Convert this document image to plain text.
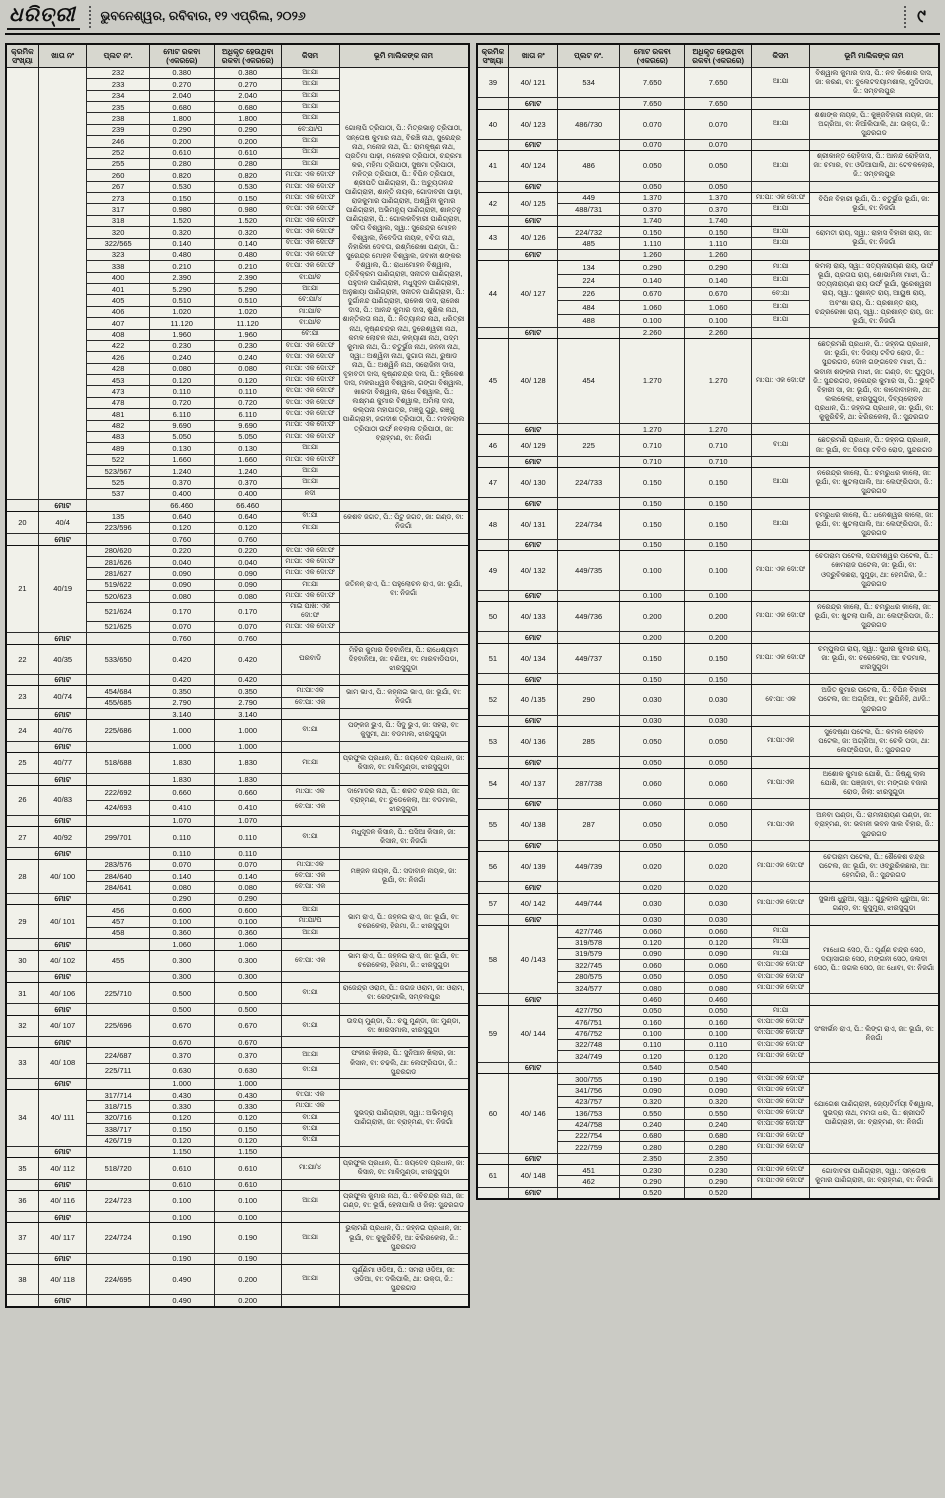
ଧରିତ୍ରୀ	ଭୁବନେଶ୍ୱର, ରବିବାର, ୧୨ ଏପ୍ରିଲ, ୨୦୨୬	୯
କ୍ରମିକ ସଂଖ୍ୟା	ଖାତା ନଂ	ପ୍ଲଟ ନଂ.	ମୋଟ ରକବା (ଏକରରେ)	ଅଧିକୃତ ହେଉଥିବା ରକବା (ଏକରରେ)	କିସମ	ଭୂମି ମାଲିକଙ୍କ ନାମ
		232	0.380	0.380	ଆ:ଯା	ଗୋଲାପି ତ୍ରିପାଠୀ, ପି.: ମିତ୍ରଭାନୁ ତ୍ରିପାଠୀ, ସନ୍ତୋଷ କୁମାର ନାଥ, ବିରଞ୍ଚି ନାଥ, ସୁରେନ୍ଦ୍ର ନାଥ, ମନୋଜ ନାଥ, ପି.: ରାମକୃଷ୍ଣ ନାଥ, ପ୍ରତିମା ପାଢ଼ୀ, ମନୋହର ତ୍ରିପାଠୀ, ଚନ୍ଦ୍ରମା କର, ମହିମା ତ୍ରିପାଠୀ, ସୁଷମା ତ୍ରିପାଠୀ, ମନିତ୍ର ତ୍ରିପାଠୀ, ପି.: ବିପିନ ତ୍ରିପାଠୀ, ଶ୍ରୀପତି ପାଣିଗ୍ରାହୀ, ପି.: ଅଚ୍ୟୁତାନନ୍ଦ ପାଣିଗ୍ରାହୀ, ଶାନ୍ତି ନାୟକ, ଗୋଦାବରୀ ପାଢ଼ୀ, ରାଜକୁମାର ପାଣିଗ୍ରାହୀ, ଅଶ୍ୱିନୀ କୁମାର ପାଣିଗ୍ରାହୀ, ଅଭିମନ୍ୟୁ ପାଣିଗ୍ରାହୀ, ଶାନ୍ତନୁ ପାଣିଗ୍ରାହୀ, ପି.: ଗୋଲକବିହାରୀ ପାଣିଗ୍ରାହୀ, ସବିତା ବିଶ୍ୱାଲ, ସ୍ୱା.: ସୁରେନ୍ଦ୍ର ମୋହନ ବିଶ୍ୱାଲ, ନିବେଦିତା ନାୟକ, ବବିତା ନାଥ, ନିହାରିକା ଦେବତା, ରଶ୍ମିରେଖା ପଣ୍ଡା, ପି.: ସୁରେନ୍ଦ୍ର ମୋହନ ବିଶ୍ୱାଲ, ଜବାନୀ ଶଙ୍କର ବିଶ୍ୱାଲ, ପି.: ରାଧାମୋହନ ବିଶ୍ୱାଲ, ତ୍ରିବିକ୍ରମ ପାଣିଗ୍ରାହୀ, ସନାତନ ପାଣିଗ୍ରାହୀ, ପହୁଦାନ ପାଣିଗ୍ରାହୀ, ମଧୁସୂଦନ ପାଣିଗ୍ରାହୀ, ଅନୁଛାୟା ପାଣିଗ୍ରାହୀ, ସନାତନ ପାଣିଗ୍ରାହୀ, ପି.: ଦୁର୍ଗାନନ୍ଦ ପାଣିଗ୍ରାହୀ, ରାକେଶ ଦାସ, ରାଜେଶ ଦାସ, ପି.: ଆନନ୍ଦ କୁମାର ଦାସ, ଶୁଶିଲ ନାଥ, ଶାନ୍ତିଲତା ନାଥ, ପି.: ନିତ୍ୟାନନ୍ଦ ନାଥ, ଧରିତ୍ରୀ ନାଥ, କୃଷ୍ଣଚନ୍ଦ୍ର ନାଥ, ଦୁରେଶ୍ୱରୀ ନାଥ, କମଳ ଲୋଚନ ନାଥ, କଳ୍ୟାଣୀ ନାଥ, ପଦ୍ମ କୁମାର ନାଥ, ପି.: ଚତୁର୍ଭୁଜ ନାଥ, ଜନନୀ ନାଥ, ସ୍ୱା.: ଅଶ୍ୱିନୀ ନାଥ, ଜୁଗାତା ନାଥ, ରୁଷାଡ ନାଥ, ପି.: ଅଶ୍ୱିନି ନାଥ, ସରୋଜିନୀ ଦାସ, ବୃହାବତୀ ଦାସ, କୃଷ୍ଣଚନ୍ଦ୍ର ଦାସ, ପି.: ହୃଷିକେଶ ଦାସ, ମକରଧ୍ୱଜ ବିଶ୍ୱାଲ, ଗଙ୍ଗା ବିଶ୍ୱାଲ, ଖାରଦା ବିଶ୍ୱାଲ, ରାଧେ ବିଶ୍ୱାଲ, ପି.: ଲକ୍ଷ୍ମଣ କୁମାର ବିଶ୍ୱାଲ, ଅମିଲା ଦାସ, କଲ୍ପନା ମହାପାତ୍ର, ମଞ୍ଜୁ ଗୁରୁ, ରଞ୍ଜୁ ପାଣିଗ୍ରାହୀ, ଜଗଦୀଶ ତ୍ରିପାଠୀ, ପି.: ମଦନଲାଲ ତ୍ରିପାଠୀ ଉର୍ଫ ନବଲାଲ ତ୍ରିପାଠୀ, ଜା: ବ୍ରାହ୍ମଣ, ବା: ନିଜଗାଁ
		233	0.270	0.270	ଆ:ଯା	
		234	2.040	2.040	ଆ:ଯା	
		235	0.680	0.680	ଆ:ଯା	
		238	1.800	1.800	ଆ:ଯା	
		239	0.290	0.290	ବେ:ଯା/ଘ	
		246	0.200	0.200	ଆ:ଯା	
		252	0.610	0.610	ଆ:ଯା	
		255	0.280	0.280	ଆ:ଯା	
		260	0.820	0.820	ମା:ପା: ଏକ ଦୋ:ଫ	
		267	0.530	0.530	ମା:ପା: ଏକ ଦୋ:ଫ	
		273	0.150	0.150	ମା:ପା: ଏକ ଦୋ:ଫ	
		317	0.980	0.980	ବା:ପା: ଏକ ଦୋ:ଫ	
		318	1.520	1.520	ମା:ପା: ଏକ ଦୋ:ଫ	
		320	0.320	0.320	ବା:ପା: ଏକ ଦୋ:ଫ	
		322/565	0.140	0.140	ବା:ପା: ଏକ ଦୋ:ଫ	
		323	0.480	0.480	ବା:ପା: ଏକ ଦୋ:ଫ	
		338	0.210	0.210	ବା:ପା: ଏକ ଦୋ:ଫ	
		400	2.390	2.390	ବା:ଯା/ଚ	
		401	5.290	5.290	ଆ:ଯା	
		405	0.510	0.510	ବେ:ଯା/୪	
		406	1.020	1.020	ମା:ଯା/ଚ	
		407	11.120	11.120	ବା:ଯା/ଚ	
		408	1.960	1.960	ବେ:ଯା	
		422	0.230	0.230	ବା:ପା: ଏକ ଦୋ:ଫ	
		426	0.240	0.240	ବା:ପା: ଏକ ଦୋ:ଫ	
		428	0.080	0.080	ମା:ପା: ଏକ ଦୋ:ଫ	
		453	0.120	0.120	ମା:ପା: ଏକ ଦୋ:ଫ	
		473	0.110	0.110	ବା:ପା: ଏକ ଦୋ:ଫ	
		478	0.720	0.720	ବା:ପା: ଏକ ଦୋ:ଫ	
		481	6.110	6.110	ବା:ପା: ଏକ ଦୋ:ଫ	
		482	9.690	9.690	ମା:ପା: ଏକ ଦୋ:ଫ	
		483	5.050	5.050	ମା:ପା: ଏକ ଦୋ:ଫ	
		489	0.130	0.130	ଆ:ଯା	
		522	1.660	1.660	ମା:ପା: ଏକ ଦୋ:ଫ	
		523/567	1.240	1.240	ଆ:ଯା	
		525	0.370	0.370	ଆ:ଯା	
		537	0.400	0.400	ନଦୀ	
	ମୋଟ		66.460	66.460		
20	40/4	135	0.640	0.640	ବା:ଯା	କେଶବ ଜଗତ, ପି.: ପିଟୁ ଜଗତ, ଜା: ଗଣ୍ଡ, ବା: ନିଜଗାଁ
		223/596	0.120	0.120	ମା:ଯା	
	ମୋଟ		0.760	0.760		
21	40/19	280/620	0.220	0.220	ବା:ପା: ଏକ ଦୋ:ଫ	ଜତିନନ୍ ରାଏ, ପି.: ପହୁଲୋଚନ ରାଏ, ଜା: ଭୂଯାଁ, ବା: ନିଜଗାଁ
		281/626	0.040	0.040	ମା:ପା: ଏକ ଦୋ:ଫ	
		281/627	0.090	0.090	ମା:ପା: ଏକ ଦୋ:ଫ	
		519/622	0.090	0.090	ମା:ଯା	
		520/623	0.080	0.080	ମା:ପା: ଏକ ଦୋ:ଫ	
		521/624	0.170	0.170	ମାଇ ପାଖି: ଏକ ଦୋ:ଫ	
		521/625	0.070	0.070	ମା:ପା: ଏକ ଦୋ:ଫ	
	ମୋଟ		0.760	0.760		
22	40/35	533/650	0.420	0.420	ଘରବାଡି	ମିହିର କୁମାର ଦିହବାନିଆ, ପି.: ରାଧେଶ୍ୟାମ ଦିହବାନିଆ, ଜା: ବଣିଆ, ବା: ମାରବାଡିପଡା, ଝାରସୁଗୁଡା
	ମୋଟ		0.420	0.420		
23	40/74	454/684	0.350	0.350	ମା:ପା:ଏକ	ଭାମ ଭାଏ, ପି.: କହ୍ନାଇ ଭାଏ, ଜା: ଭୂଯାଁ, ବା: ନିଜଗାଁ
		455/685	2.790	2.790	ବେ:ପା: ଏକ	
	ମୋଟ		3.140	3.140		
24	40/76	225/686	1.000	1.000	ବା:ଯା	ପଙ୍କଜ ଭୁଏ, ପି.: ସିଦୁ ଭୁଏ, ଜା: ସହରା, ବା: କୁସୁମୀ, ଥା: ବଡମାଲ, ଝାରସୁଗୁଡା
	ମୋଟ		1.000	1.000		
25	40/77	518/688	1.830	1.830	ମା:ଯା	ପ୍ରଫୁଲ ପ୍ରଧାନ, ପି.: ଜୟଦେବ ପ୍ରଧାନ, ଜା: କିସାନ, ବା: ମାଳିମୁଣ୍ଡା, ଝାରସୁଗୁଡା
	ମୋଟ		1.830	1.830		
26	40/83	222/692	0.660	0.660	ମା:ପା: ଏକ	ଦାମୋଦର ନାଥ, ପି.: ଶରତ ଚନ୍ଦ୍ର ନାଥ, ଜା: ବ୍ରାହ୍ମଣ, ବା: ଚୁଡେକେଲା, ଆ: ବଡମାଲ, ଝାରସୁଗୁଡା
		424/693	0.410	0.410	ବେ:ପା: ଏକ	
	ମୋଟ		1.070	1.070		
27	40/92	299/701	0.110	0.110	ବା:ଯା	ମଧୁସୂଦନ କିସାନ, ପି.: ଘସିଆ କିସାନ, ଜା: କିସାନ, ବା: ନିଜଗାଁ
	ମୋଟ		0.110	0.110		
28	40/ 100	283/576	0.070	0.070	ମା:ପା:ଏକ	ମଞ୍ଜନ ନାୟକ, ପି.: ସଦାବାନ ନାୟକ, ଜା: ଭୂଯାଁ, ବା: ନିଜଗାଁ
		284/640	0.140	0.140	ବେ:ପା: ଏକ	
		284/641	0.080	0.080	ବେ:ପା: ଏକ	
	ମୋଟ		0.290	0.290		
29	40/ 101	456	0.600	0.600	ଆ:ଯା	ଭାମ ରାଏ, ପି.: ଜହ୍ନଇ ରାଏ, ଜା: ଭୂଯାଁ, ବା: ଚରେକେଲା, ହିରମା, ଜି.: ଝାରସୁଗୁଡା
		457	0.100	0.100	ମା:ଯା/ଘ	
		458	0.360	0.360	ଆ:ଯା	
	ମୋଟ		1.060	1.060		
30	40/ 102	455	0.300	0.300	ବେ:ପା: ଏକ	ଭାମ ରାଏ, ପି.: ଜହ୍ନଇ ରାଏ, ଜା: ଭୂଯାଁ, ବା: ଚରେକେଲା, ହିରମା, ଜି.: ଝାରସୁଗୁଡା
	ମୋଟ		0.300	0.300		
31	40/ 106	225/710	0.500	0.500	ବା:ଯା	ରାଜେନ୍ଦ୍ର ଓରାମ, ପି.: ଜଗଜ ଓରାମ, ଜା: ଓରାମ, ବା: ରେଙ୍ଗାଲି, ସମ୍ବଲପୁର
	ମୋଟ		0.500	0.500		
32	40/ 107	225/696	0.670	0.670	ବା:ଯା	ଉଦୟ ମୁଣ୍ଡା, ପି.: ଚପୁ ମୁଣ୍ଡା, ଜା: ମୁଣ୍ଡା, ବା: ଖାରସମାଲ, ଝାରସୁଗୁଡା
	ମୋଟ		0.670	0.670		
33	40/ 108	224/687	0.370	0.370	ଆ:ଯା	ଫକୀର ଖିଲାର, ପି.: ସୁନିଆନ ଖିଲାର, ଜା: କିସାନ, ବା: ଚଢଲି, ଥା: ଲେଫ୍ରିପଡା, ଜି.: ସୁନ୍ଦରଗଡ
		225/711	0.630	0.630	ବା:ଯା	
	ମୋଟ		1.000	1.000		
34	40/ 111	317/714	0.430	0.430	ବା:ପା: ଏକ	ସୁଭଦ୍ରା ପାଣିଗ୍ରାହୀ, ସ୍ୱା.: ଅଭିମନ୍ୟୁ ପାଣିଗ୍ରାହୀ, ଜା: ବ୍ରାହ୍ମଣ, ବା: ନିଜଗାଁ
		318/715	0.330	0.330	ମା:ପା: ଏକ	
		320/716	0.120	0.120	ବା:ଯା	
		338/717	0.150	0.150	ବା:ଯା	
		426/719	0.120	0.120	ବା:ଯା	
	ମୋଟ		1.150	1.150		
35	40/ 112	518/720	0.610	0.610	ମା:ଯା/୪	ପ୍ରଫୁଲ ପ୍ରଧାନ, ପି.: ଜୟଦେବ ପ୍ରଧାନ, ଜା: କିସାନ, ବା: ମାଳିମୁଣ୍ଡା, ଝାରସୁଗୁଡା
	ମୋଟ		0.610	0.610		
36	40/ 116	224/723	0.100	0.100	ଆ:ଯା	ପ୍ରଫୁଲ କୁମାର ନାଥ, ପି.: କବିଚନ୍ଦ୍ର ନାଥ, ଜା: ଗଣ୍ଡ, ବା: ଭୂର୍ସା, ହେନାପାଲି ଓ ଜିଲା: ସୁନ୍ଦରଗଡ
	ମୋଟ		0.100	0.100		
37	40/ 117	224/724	0.190	0.190	ଆ:ଯା	ଭୁଲାମଣି ପ୍ରଧାନ, ପି.: ଜହ୍ନଇ ପ୍ରଧାନ, ଜା: ଭୂଯାଁ, ବା: କୁକୁରିଚିହି, ଆ: ଝିରିରକେଲା, ଜି.: ସୁନ୍ଦରଗଡ
	ମୋଟ		0.190	0.190		
38	40/ 118	224/695	0.490	0.200	ଆ:ଯା	ପୂର୍ଣ୍ଣିମା ଓଡିଆ, ପି.: ସମରା ଓଡିଆ, ଜା: ଓଡିଆ, ବା: ଦଲିପାଲି, ଥା: ଉକ୍ତା, ଜି.: ସୁନ୍ଦରଗଡ
	ମୋଟ		0.490	0.200		
କ୍ରମିକ ସଂଖ୍ୟା	ଖାତା ନଂ	ପ୍ଲଟ ନଂ.	ମୋଟ ରକବା (ଏକରରେ)	ଅଧିକୃତ ହେଉଥିବା ରକବା (ଏକରରେ)	କିସମ	ଭୂମି ମାଲିକଙ୍କ ନାମ
39	40/ 121	534	7.650	7.650	ଆ:ଯା	ବିଶ୍ୱାଲ କୁମାର ଦାସ, ପି.: ନବ କିଶୋର ଦାସ, ଜା: କରଣ, ବା: ବୁଲେଟଦୟାମଶାଲା, ମୁଦିପଡା, ଜି.: ସମ୍ବଲପୁର
	ମୋଟ		7.650	7.650		
40	40/ 123	486/730	0.070	0.070	ଆ:ଯା	ଶଶାଙ୍କ ନାୟକ, ପି.: କୁଞ୍ଜବିହାରୀ ନାୟକ, ଜା: ଅଗ୍ରିଆ, ବା: ନିଆଁଲିପାଲି, ଥା: ଉକ୍ତା, ଜି.: ସୁନ୍ଦରଗଡ
	ମୋଟ		0.070	0.070		
41	40/ 124	486	0.050	0.050	ଆ:ଯା	ଶ୍ରୀକାନ୍ତ ରୋହିଦାସ, ପି.: ଆନନ୍ଦ ରୋହିଦାସ, ଜା: ଚମାର, ବା: ଓଡିଆପାଲି, ଥା: ଟେବକଲୋର, ଜି.: ସମ୍ବଲପୁର
	ମୋଟ		0.050	0.050		
42	40/ 125	449	1.370	1.370	ମା:ପା: ଏକ ଦୋ:ଫ	ବିପିନ ବିହାରୀ ଭୂଯାଁ, ପି.: ଚତୁର୍ଭୁଜ ଭୂଯାଁ, ଜା: ଭୂଯାଁ, ବା: ନିଜଗାଁ
		488/731	0.370	0.370	ଆ:ଯା	
	ମୋଟ		1.740	1.740		
43	40/ 126	224/732	0.150	0.150	ଆ:ଯା	ରୋମତୀ ରାୟ, ସ୍ୱା.: ରାହାସ ବିହାରୀ ରାୟ, ଜା: ଭୂଯାଁ, ବା: ନିଜଗାଁ
		485	1.110	1.110	ଆ:ଯା	
	ମୋଟ		1.260	1.260		
44	40/ 127	134	0.290	0.290	ମା:ଯା	କମଲା ରାୟ, ସ୍ୱା.: ସତ୍ୟନାରାୟଣ ରାୟ, ଉର୍ଫ ଭୂଯାଁ, ପ୍ରତାପ ରାୟ, ଶୋଭାମିନୀ ମାଝୀ, ପି.: ସତ୍ୟନାରାୟଣ ରାୟ ଉର୍ଫ ଭୂଯାଁ, ସୁରେଶ୍ୱରୀ ରାୟ, ସ୍ୱା.: ସୁଶାନ୍ତ ରାୟ, ଆୟୁଷ ରାୟ, ଅବଂଶା ରାୟ, ପି.: ପ୍ରଶାନ୍ତ ରାୟ, ଚନ୍ଦ୍ରରେଖା ରାୟ, ସ୍ୱା.: ପ୍ରଶାନ୍ତ ରାୟ, ଜା: ଭୂଯାଁ, ବା: ନିଜଗାଁ
		224	0.140	0.140	ଆ:ଯା	
		226	0.670	0.670	ବେ:ଯା	
		484	1.060	1.060	ଆ:ଯା	
		488	0.100	0.100	ଆ:ଯା	
	ମୋଟ		2.260	2.260		
45	40/ 128	454	1.270	1.270	ମା:ପା: ଏକ ଦୋ:ଫ	ଛେତ୍ରମଣି ପ୍ରଧାନ, ପି.: ଜହ୍ନଇ ପ୍ରଧାନ, ଜା: ଭୂଯାଁ, ବା: ଦିଜୟା ଟବିଡ ରୋଡ, ଜି.: ସୁନ୍ଦରଗଡ, ଦୋଳ ଗଙ୍ଗଦେବ ମାଝୀ, ପି.: ଭବାନୀ ଶଙ୍କର ମାଝୀ, ଜା: ଗଣ୍ଡ, ବା: ଘୁମୁଡା, ଜି.: ସୁନ୍ଦରଗଡ, ହରେନ୍ଦ୍ର କୁମାର ସା, ପି.: ଭୁକ୍ତି ବିହାରୀ ସା, ଜା: ଭୂଯାଁ, ବା: କାଦୋବାହାଲ, ଥା: ଲଲକେଲା, ଝାରସୁଗୁଡା, ଦିବ୍ୟଲୋଚନ ପ୍ରଧାନ, ପି.: ଜହ୍ନଇ ପ୍ରଧାନ, ଜା: ଭୂଯାଁ, ବା: କୁକୁରିଚିହି, ଥା: ଝିରିରକେଲା, ଜି.: ସୁନ୍ଦରଗଡ
	ମୋଟ		1.270	1.270		
46	40/ 129	225	0.710	0.710	ବା:ଯା	ଛେତ୍ରମଣି ପ୍ରଧାନ, ପି.: ଜହ୍ନଇ ପ୍ରଧାନ, ଜା: ଭୂଯାଁ, ବା: ଦିଜୟା ଟବିଡ ରୋଡ, ସୁନ୍ଦରଗଡ
	ମୋଟ		0.710	0.710		
47	40/ 130	224/733	0.150	0.150	ଆ:ଯା	ନରେନ୍ଦ୍ର କାଲୋ, ପି.: ଚମରୁଧର କାଲୋ, ଜା: ଭୂଯାଁ, ବା: ଖୁଟଲାପାଲି, ଆ: ଲେଫ୍ରିପଡା, ଜି.: ସୁନ୍ଦରଗଡ
	ମୋଟ		0.150	0.150		
48	40/ 131	224/734	0.150	0.150	ଆ:ଯା	ଚମରୁଧର କାଲୋ, ପି.: ଧନେଶ୍ୱର କାଲୋ, ଜା: ଭୂଯାଁ, ବା: ଖୁଟଲାପାଲି, ଆ: ଲେଫ୍ରିପଡା, ଜି.: ସୁନ୍ଦରଗଡ
	ମୋଟ		0.150	0.150		
49	40/ 132	449/735	0.100	0.100	ମା:ପା: ଏକ ଦୋ:ଫ	ଚେତାରାମ ପଟେଲ, ଦଯବୀଶ୍ୱର ପଟେଲ, ପି.: ଖେମରାଜ ପଟେଲ, ଜା: ଭୂଯାଁ, ବା: ଓଦ୍ରୁବିକଛରା, ସୁମୁଢା, ଥା: ହେମଗିର, ଜି.: ସୁନ୍ଦରଗଡ
	ମୋଟ		0.100	0.100		
50	40/ 133	449/736	0.200	0.200	ମା:ପା: ଏକ ଦୋ:ଫ	ନରେନ୍ଦ୍ର କାଲୋ, ପି.: ଚମରୁଧର କାଲୋ, ଜା: ଭୂଯାଁ, ବା: ଖୁଟଲା ପାଲି, ଥା: ଲେଫ୍ରିପଡା, ଜି.: ସୁନ୍ଦରଗଡ
	ମୋଟ		0.200	0.200		
51	40/ 134	449/737	0.150	0.150	ମା:ପା: ଏକ ଦୋ:ଫ	ଚମ୍ପୁଲତା ରାୟ, ସ୍ୱା.: ସୁଧୀର କୁମାର ରାୟ, ଜା: ଭୂଯାଁ, ବା: ଚରେକେଲା, ଆ: ବଡମାଲ, ଝାରସୁଗୁଡା
	ମୋଟ		0.150	0.150		
52	40 /135	290	0.030	0.030	ବେ:ପା: ଏକ	ଅଜିତ କୁମାର ପଟେଲ, ପି.: ବିପିନ ବିହାରୀ ପଟେଲ, ଜା: ଅଗ୍ରିଆ, ବା: ଭୁପିନିହି, ଥା/ଜି.: ସୁନ୍ଦରଗଡ
	ମୋଟ		0.030	0.030		
53	40/ 136	285	0.050	0.050	ମା:ପା:ଏକ	ସୁଦେଷ୍ଣା ପଟେଲ, ପି.: କମଲ ଲୋଚନ ପଟେଲ, ଜା: ଅଗ୍ରିଆ, ବା: ଚେକି ପଡା, ଥା: ଲେଫ୍ରିପଡା, ଜି.: ସୁନ୍ଦରଗଡ
	ମୋଟ		0.050	0.050		
54	40/ 137	287/738	0.060	0.060	ମା:ପା:ଏକ	ଅଶୋକ କୁମାର ଯୋଶି, ପି.: ଜିଷ୍ଣୁ ଲାଲ ଯୋଶି, ଜା: ପଞ୍ଜାବୀ, ବା: ମଙ୍ଗର ବଜାର ରୋଡ, ଜିଲା: ଝାରସୁଗୁଡା
	ମୋଟ		0.060	0.060		
55	40/ 138	287	0.050	0.050	ମା:ପା:ଏକ	ଅନବା ପଣ୍ଡା, ପି.: ରାମନାରାୟଣ ପଣ୍ଡା, ଜା: ବ୍ରାହ୍ମଣ, ବା: ଭବାନୀ ଭବନ ସାଲ ବିହାର, ଜି.: ସୁନ୍ଦରଗଡ
	ମୋଟ		0.050	0.050		
56	40/ 139	449/739	0.020	0.020	ମା:ପା:ଏକ ଦୋ:ଫ	ଚେତାରାମ ପଟେଲ, ପି.: ଶୈଳେଶ ଚନ୍ଦ୍ର ପଟେଲ, ଜା: ଭୂଯାଁ, ବା: ଓଦ୍ରୁରିକଛାର, ଆ: ହେମଗିର, ଜି.: ସୁନ୍ଦରଗଡ
	ମୋଟ		0.020	0.020		
57	40/ 142	449/744	0.030	0.030	ମା:ପା:ଏକ ଦୋ:ଫ	ସୁଭାଷ ଧୁରୁଆ, ସ୍ୱା.: ଗୁରୁଲାଲ ଧୁରୁଆ, ଜା: ଗଣ୍ଡ, ବା: କୁସୁମୁରା, ଝାରସୁଗୁଡା
	ମୋଟ		0.030	0.030		
58	40 /143	427/746	0.060	0.060	ମା:ଯା	ମାଧୋଇ ସେଠ, ପି.: ପୂର୍ଣ୍ଣ ଚନ୍ଦ୍ର ସେଠ, ଦୟାସାଗର ସେଠ, ମଙ୍ଗନୀ ସେଠ, ଜଲଦୀ ସେଠ, ପି.: ଜଗଲ ସେଠ, ଜା: ଧୋବା, ବା: ନିଜଗାଁ
		319/578	0.120	0.120	ମା:ଯା	
		319/579	0.090	0.090	ମା:ଯା	
		322/745	0.060	0.060	ବା:ପା:ଏକ ଦୋ:ଫ	
		280/575	0.050	0.050	ବା:ପା:ଏକ ଦୋ:ଫ	
		324/577	0.080	0.080	ମା:ପା:ଏକ ଦୋ:ଫ	
	ମୋଟ		0.460	0.460		
59	40/ 144	427/750	0.050	0.050	ମା:ଯା	ସଂକୀର୍ଭନ ରାଏ, ପି.: ଲିଙ୍ଗ ରାଏ, ଜା: ଭୂଯାଁ, ବା: ନିଜଗାଁ
		476/751	0.160	0.160	ବା:ପା:ଏକ ଦୋ:ଫ	
		476/752	0.100	0.100	ବା:ପା:ଏକ ଦୋ:ଫ	
		322/748	0.110	0.110	ବା:ପା:ଏକ ଦୋ:ଫ	
		324/749	0.120	0.120	ମା:ପା:ଏକ ଦୋ:ଫ	
	ମୋଟ		0.540	0.540		
60	40/ 146	300/755	0.190	0.190	ବା:ପା:ଏକ ଦୋ:ଫ	ଯୋଗେଶ ପାଣିଗ୍ରାହୀ, ଜ୍ୟୋତିର୍ମୟୀ ବିଶ୍ୱାଲ, ସୁଭଦ୍ରା ନାଥ, ମମତା ଧର, ପି.: ଶ୍ରୀପତି ପାଣିଗ୍ରାହୀ, ଜା: ବ୍ରାହ୍ମଣ, ବା: ନିଜଗାଁ
		341/756	0.090	0.090	ବା:ପା:ଏକ ଦୋ:ଫ	
		423/757	0.320	0.320	ବା:ପା:ଏକ ଦୋ:ଫ	
		136/753	0.550	0.550	ବା:ପା:ଏକ ଦୋ:ଫ	
		424/758	0.240	0.240	ବା:ପା:ଏକ ଦୋ:ଫ	
		222/754	0.680	0.680	ମା:ପା:ଏକ ଦୋ:ଫ	
		222/759	0.280	0.280	ମା:ପା:ଏକ ଦୋ:ଫ	
	ମୋଟ		2.350	2.350		
61	40/ 148	451	0.230	0.230	ମା:ପା:ଏକ ଦୋ:ଫ	ଗୋଦାବରୀ ପାଣିଗ୍ରାହୀ, ସ୍ୱା.: ସନ୍ତୋଷ କୁମାର ପାଣିଗ୍ରାହୀ, ଜା: ବ୍ରାହ୍ମଣ, ବା: ନିଜଗାଁ
		462	0.290	0.290	ମା:ପା:ଏକ ଦୋ:ଫ	
	ମୋଟ		0.520	0.520		
